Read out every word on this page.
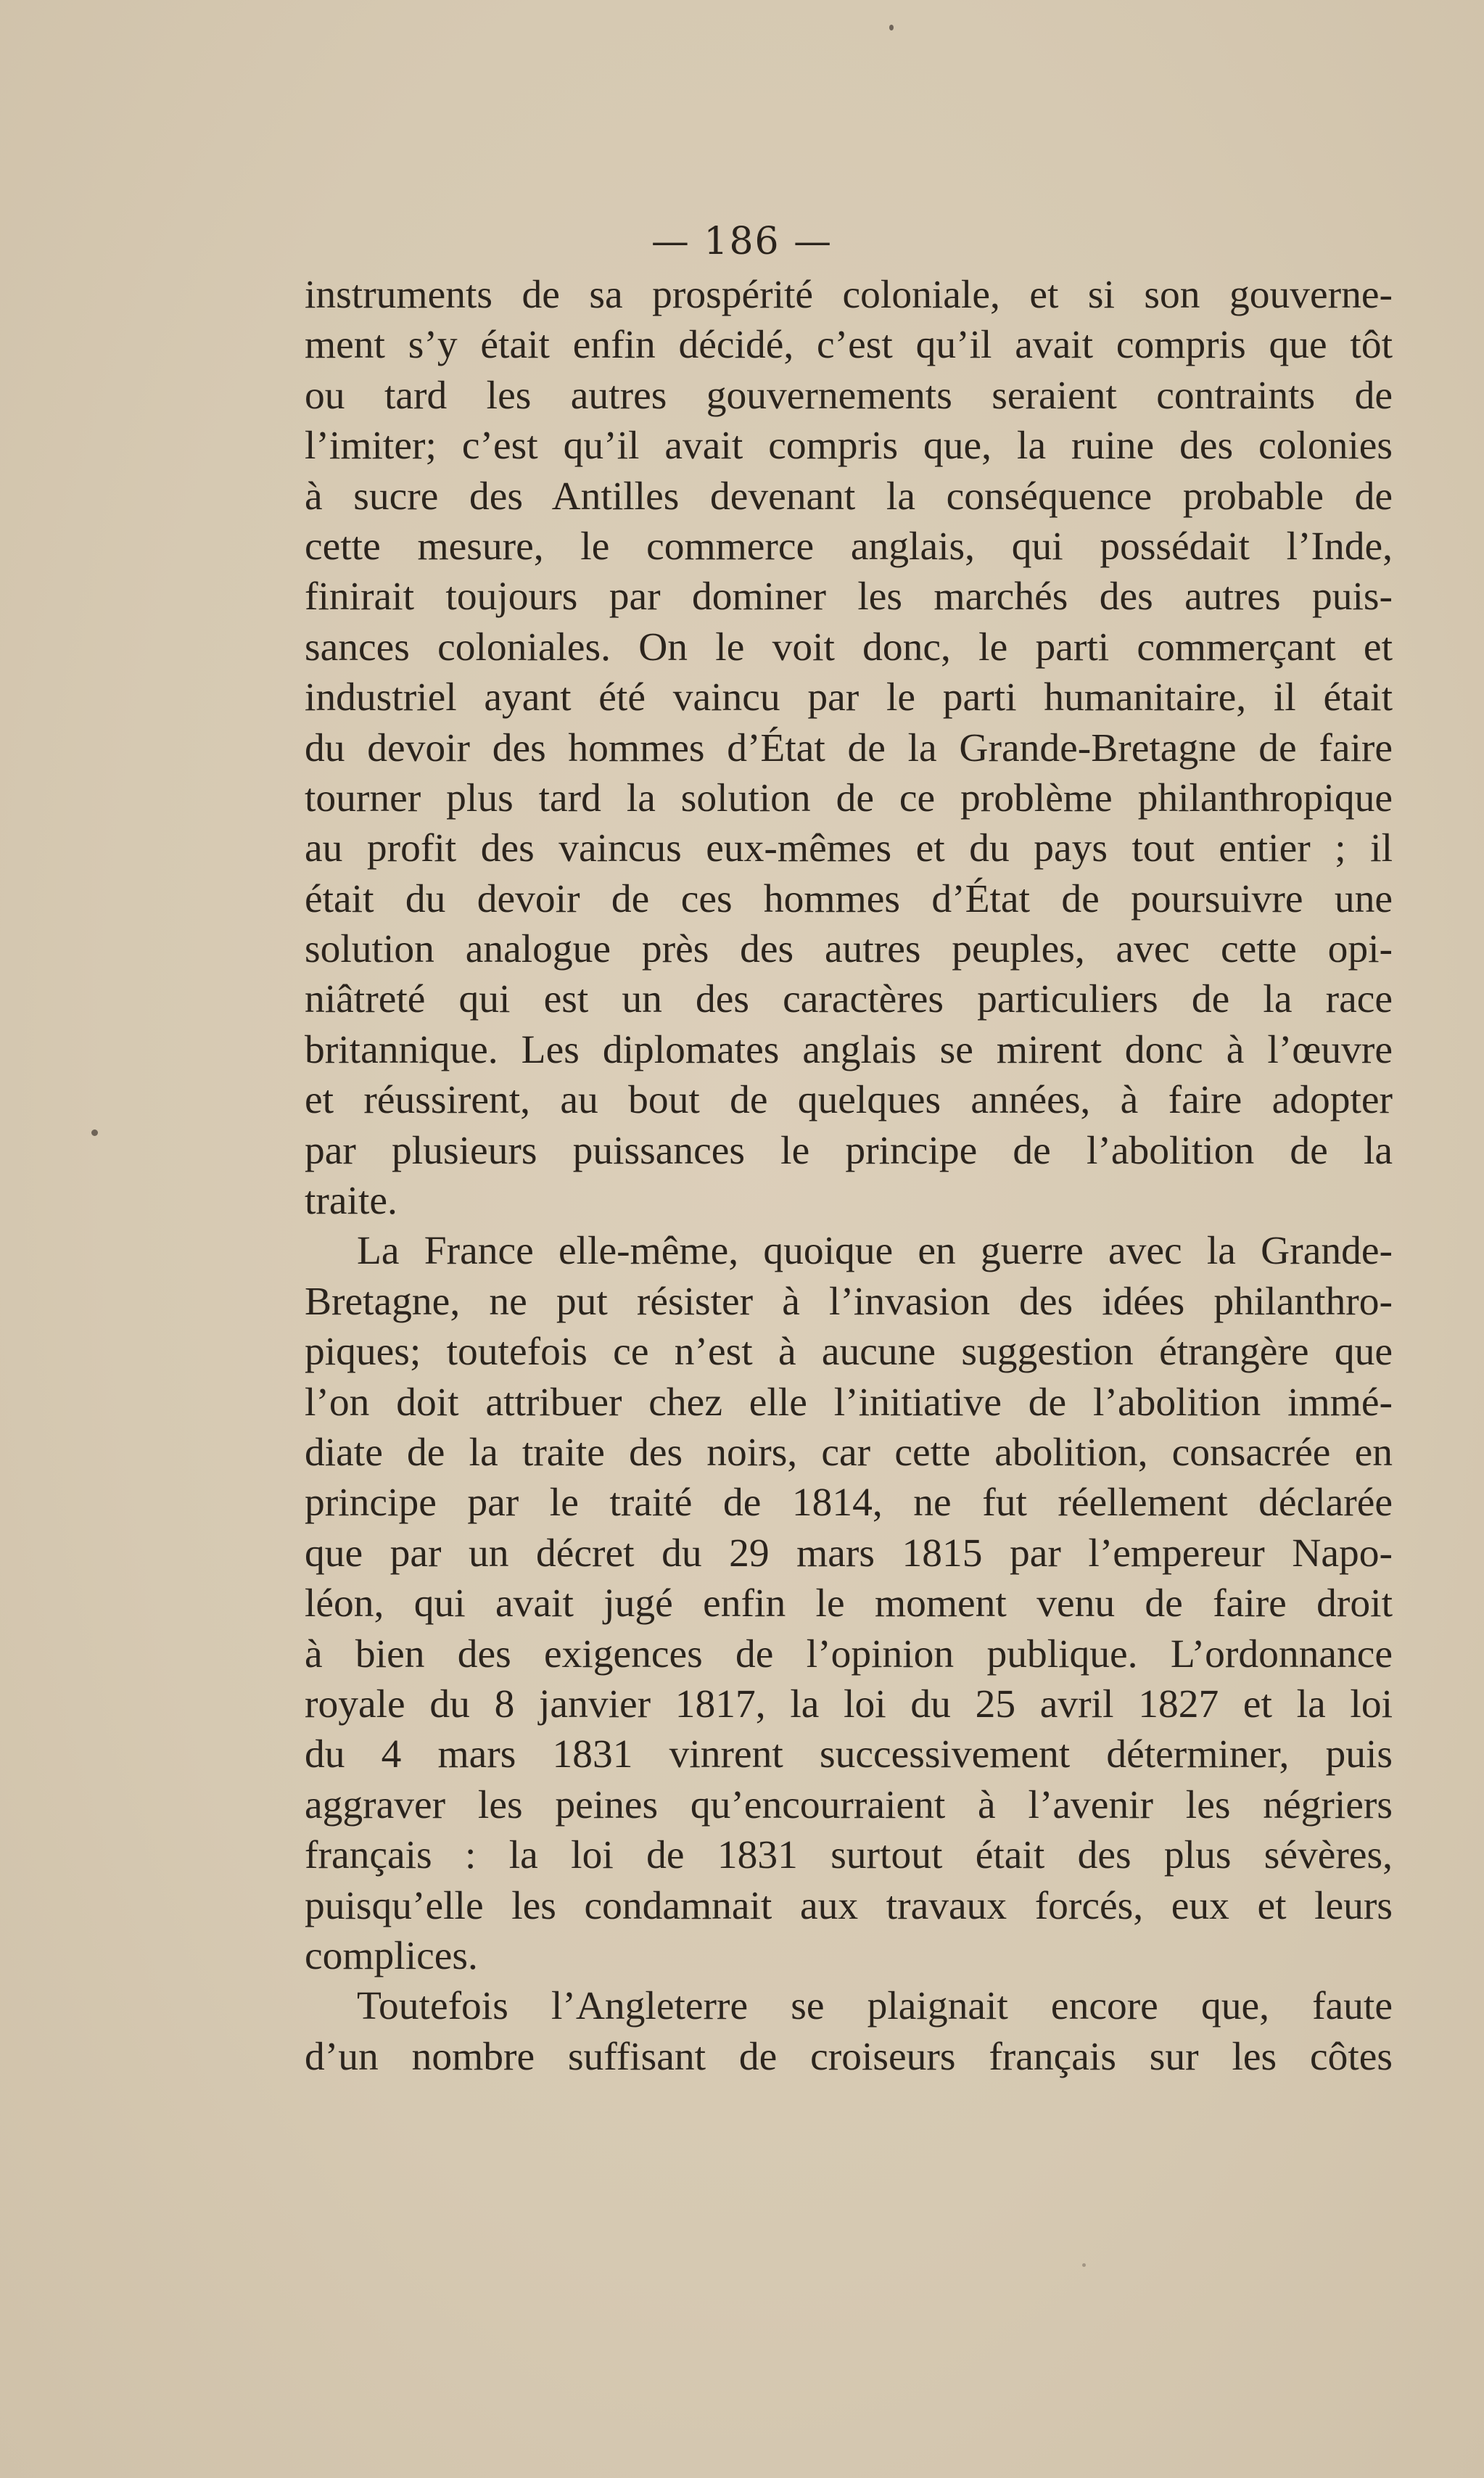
— 186 —
instruments de sa prospérité coloniale, et si son gouverne-
ment s’y était enfin décidé, c’est qu’il avait compris que tôt
ou tard les autres gouvernements seraient contraints de
l’imiter; c’est qu’il avait compris que, la ruine des colonies
à sucre des Antilles devenant la conséquence probable de
cette mesure, le commerce anglais, qui possédait l’Inde,
finirait toujours par dominer les marchés des autres puis-
sances coloniales. On le voit donc, le parti commerçant et
industriel ayant été vaincu par le parti humanitaire, il était
du devoir des hommes d’État de la Grande-Bretagne de faire
tourner plus tard la solution de ce problème philanthropique
au profit des vaincus eux-mêmes et du pays tout entier ; il
était du devoir de ces hommes d’État de poursuivre une
solution analogue près des autres peuples, avec cette opi-
niâtreté qui est un des caractères particuliers de la race
britannique. Les diplomates anglais se mirent donc à l’œuvre
et réussirent, au bout de quelques années, à faire adopter
par plusieurs puissances le principe de l’abolition de la
traite.
La France elle-même, quoique en guerre avec la Grande-
Bretagne, ne put résister à l’invasion des idées philanthro-
piques; toutefois ce n’est à aucune suggestion étrangère que
l’on doit attribuer chez elle l’initiative de l’abolition immé-
diate de la traite des noirs, car cette abolition, consacrée en
principe par le traité de 1814, ne fut réellement déclarée
que par un décret du 29 mars 1815 par l’empereur Napo-
léon, qui avait jugé enfin le moment venu de faire droit
à bien des exigences de l’opinion publique. L’ordonnance
royale du 8 janvier 1817, la loi du 25 avril 1827 et la loi
du 4 mars 1831 vinrent successivement déterminer, puis
aggraver les peines qu’encourraient à l’avenir les négriers
français : la loi de 1831 surtout était des plus sévères,
puisqu’elle les condamnait aux travaux forcés, eux et leurs
complices.
Toutefois l’Angleterre se plaignait encore que, faute
d’un nombre suffisant de croiseurs français sur les côtes
